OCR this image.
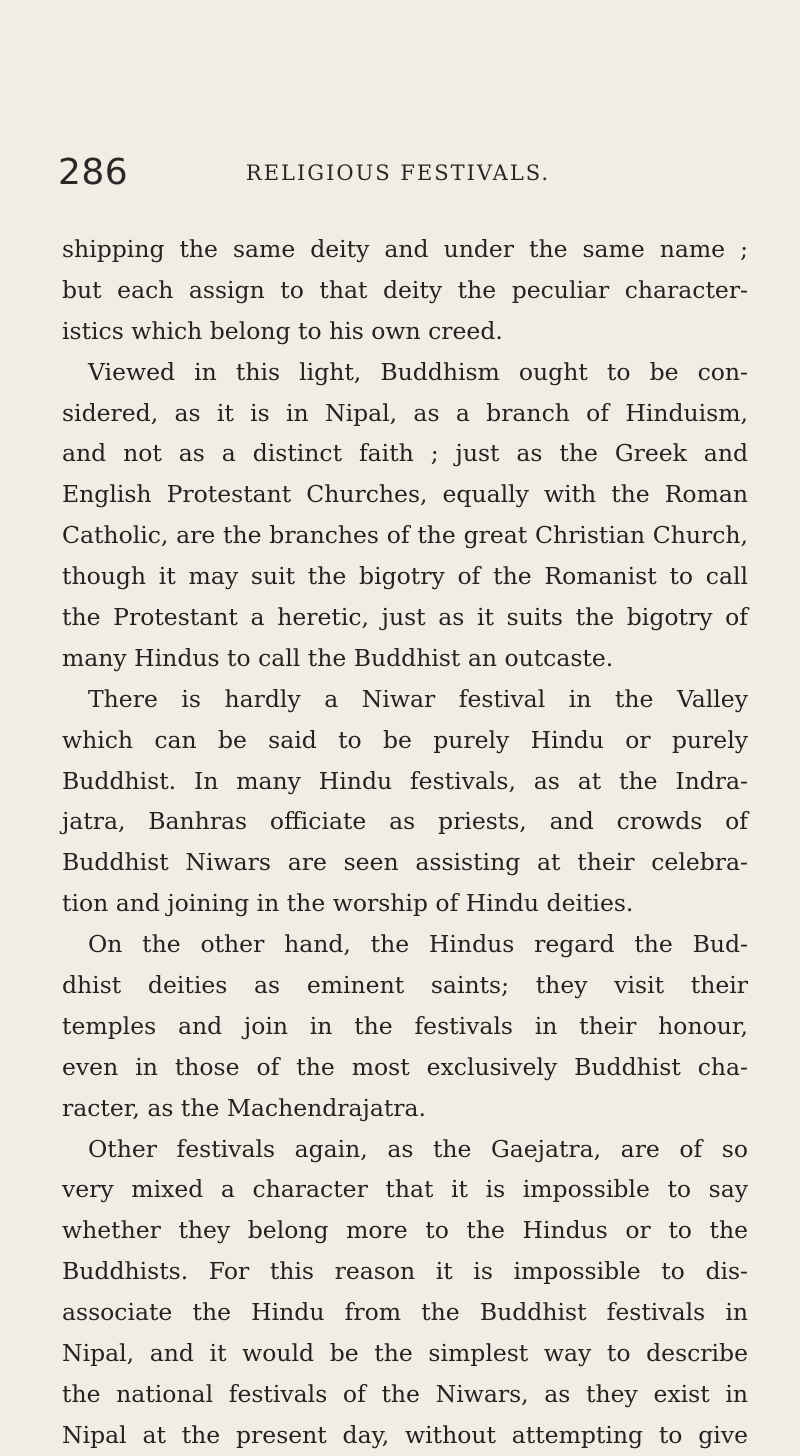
286	RELIGIOUS FESTIVALS.
shipping the same deity and under the same name ;
but each assign to that deity the peculiar character-
istics which belong to his own creed.
Viewed in this light, Buddhism ought to be con-
sidered, as it is in Nipal, as a branch of Hinduism,
and not as a distinct faith ; just as the Greek and
English Protestant Churches, equally with the Roman
Catholic, are the branches of the great Christian Church,
though it may suit the bigotry of the Romanist to call
the Protestant a heretic, just as it suits the bigotry of
many Hindus to call the Buddhist an outcaste.
There is hardly a Niwar festival in the Valley
which can be said to be purely Hindu or purely
Buddhist. In many Hindu festivals, as at the Indra-
jatra, Banhras officiate as priests, and crowds of
Buddhist Niwars are seen assisting at their celebra-
tion and joining in the worship of Hindu deities.
On the other hand, the Hindus regard the Bud-
dhist deities as eminent saints; they visit their
temples and join in the festivals in their honour,
even in those of the most exclusively Buddhist cha-
racter, as the Machendrajatra.
Other festivals again, as the Gaejatra, are of so
very mixed a character that it is impossible to say
whether they belong more to the Hindus or to the
Buddhists. For this reason it is impossible to dis-
associate the Hindu from the Buddhist festivals in
Nipal, and it would be the simplest way to describe
the national festivals of the Niwars, as they exist in
Nipal at the present day, without attempting to give
